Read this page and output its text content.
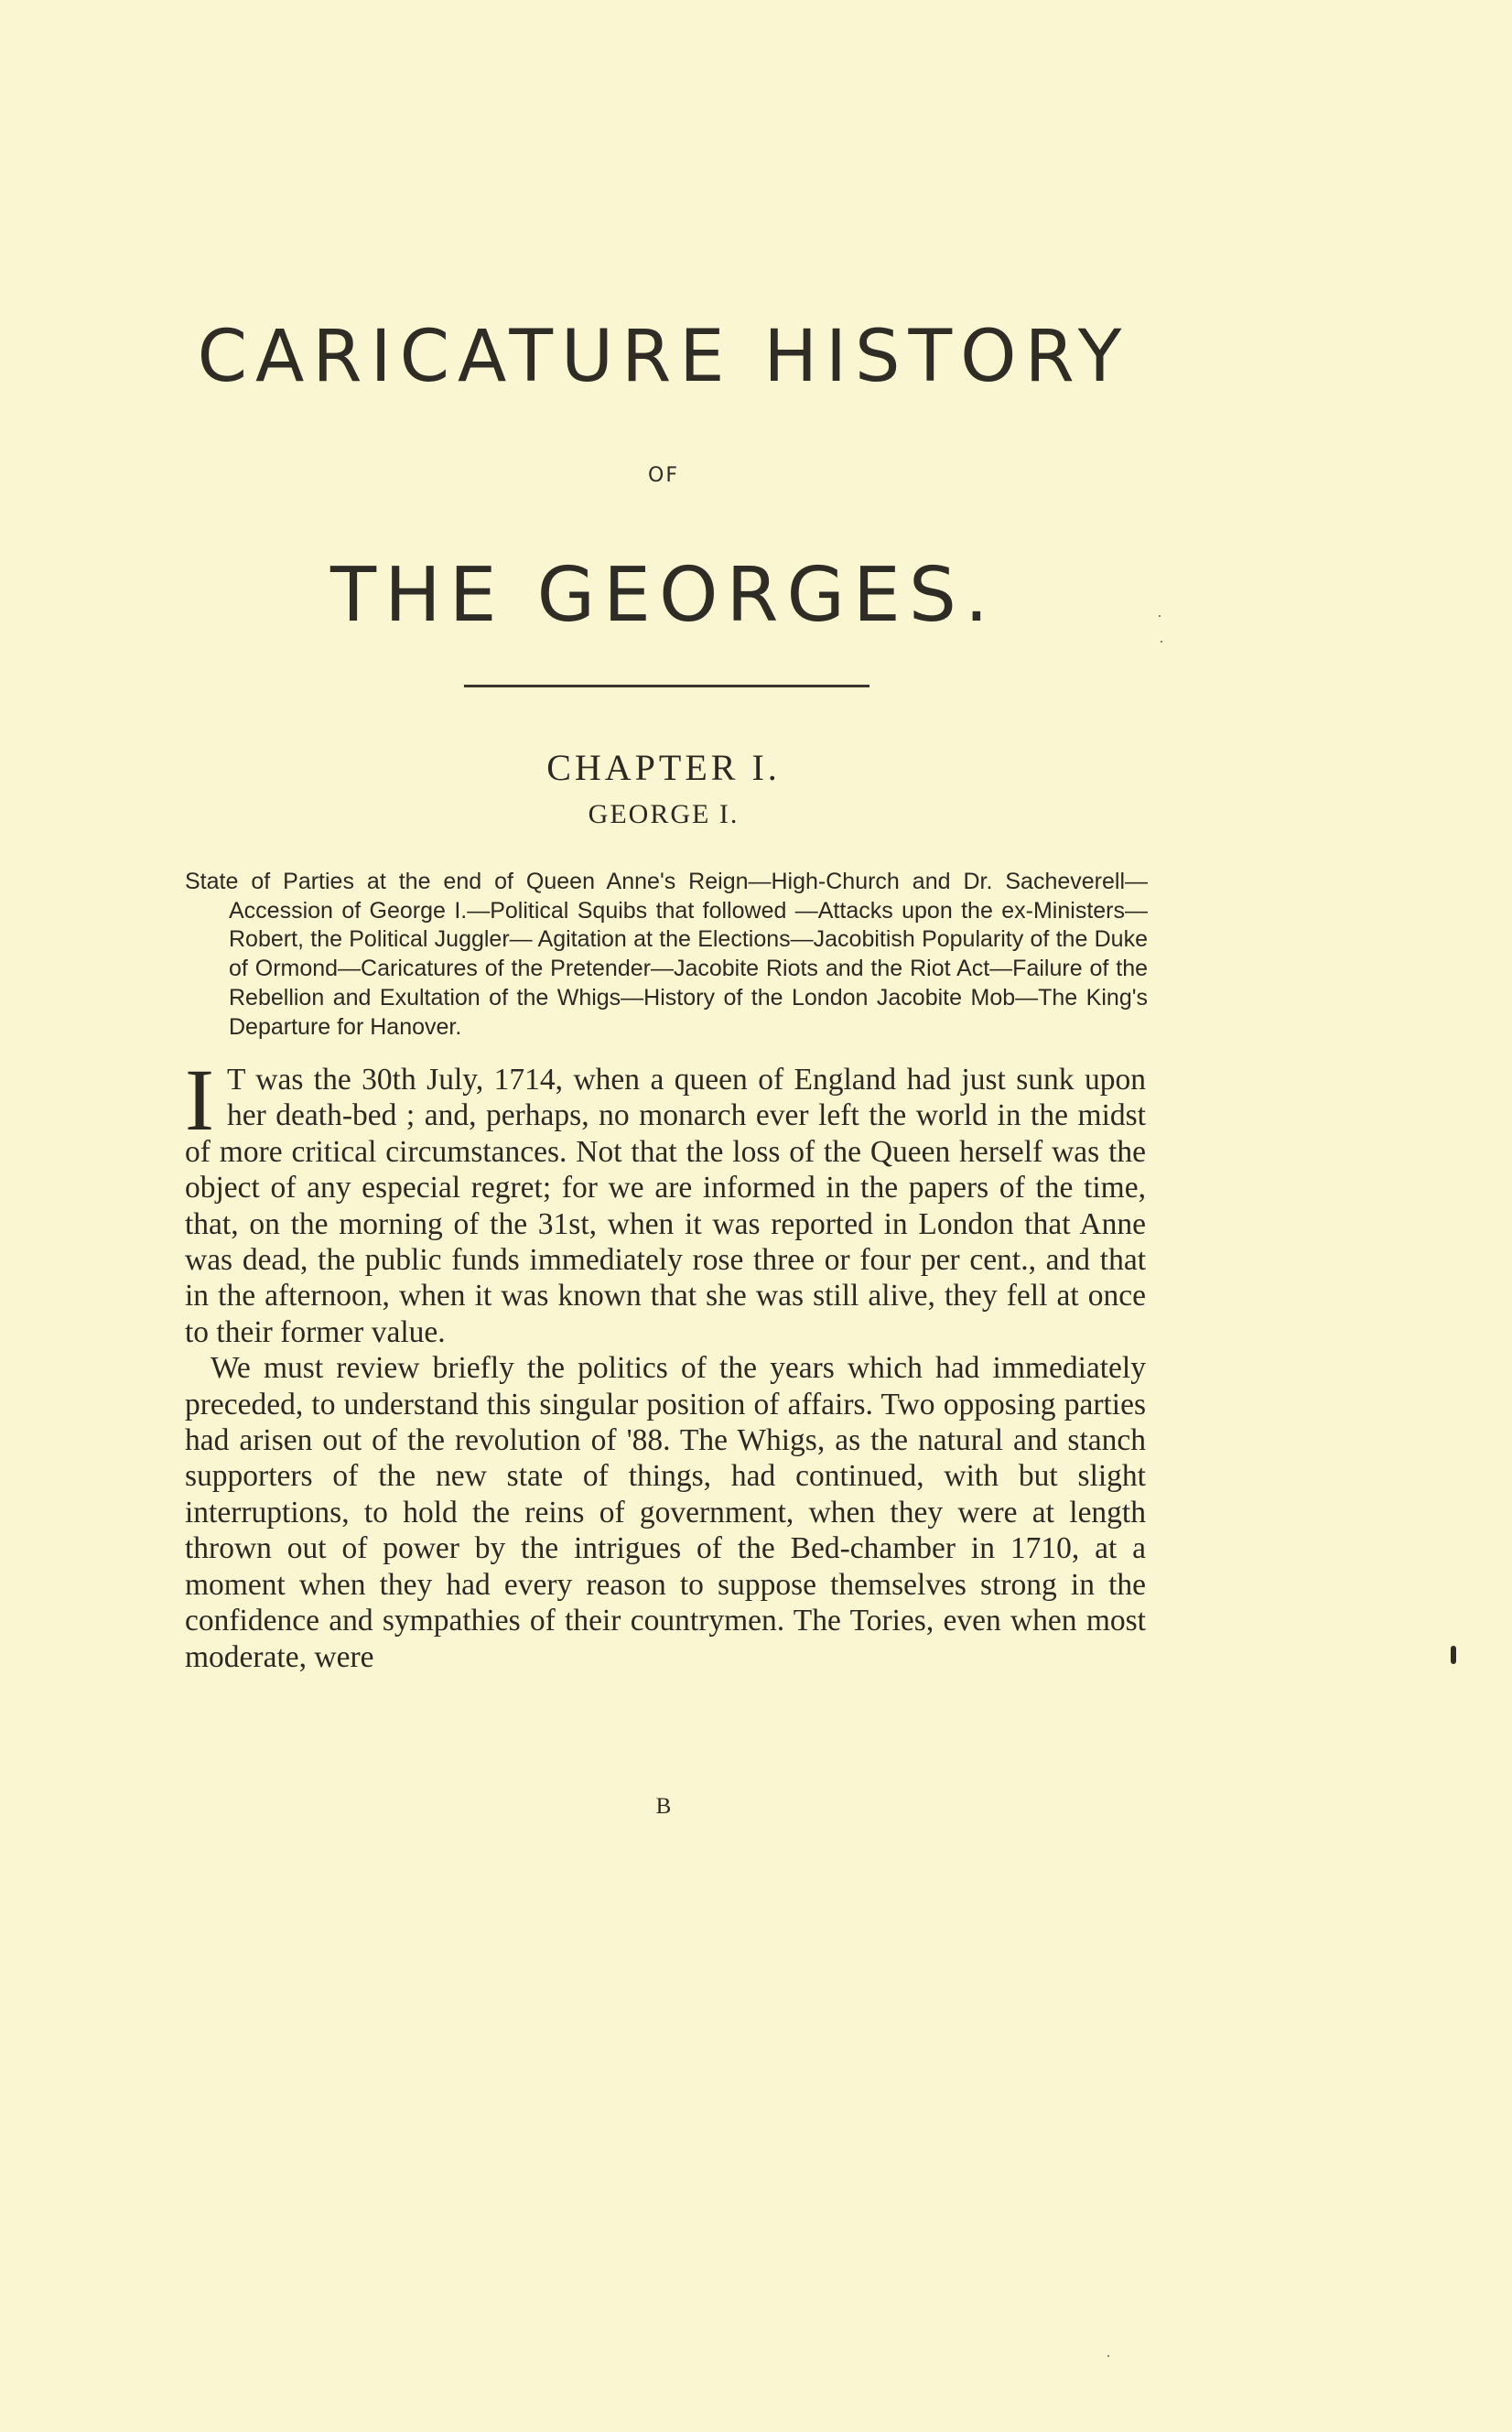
CARICATURE HISTORY
OF
THE GEORGES.
CHAPTER I.
GEORGE I.
State of Parties at the end of Queen Anne's Reign—High-Church and Dr. Sacheverell—Accession of George I.—Political Squibs that followed —Attacks upon the ex-Ministers—Robert, the Political Juggler— Agitation at the Elections—Jacobitish Popularity of the Duke of Ormond—Caricatures of the Pretender—Jacobite Riots and the Riot Act—Failure of the Rebellion and Exultation of the Whigs—History of the London Jacobite Mob—The King's Departure for Hanover.

I T was the 30th July, 1714, when a queen of England had just sunk upon her death-bed ; and, perhaps, no monarch ever left the world in the midst of more critical circumstances. Not that the loss of the Queen herself was the object of any especial regret; for we are informed in the papers of the time, that, on the morning of the 31st, when it was reported in London that Anne was dead, the public funds immediately rose three or four per cent., and that in the afternoon, when it was known that she was still alive, they fell at once to their former value.

We must review briefly the politics of the years which had immediately preceded, to understand this singular position of affairs. Two opposing parties had arisen out of the revolution of '88. The Whigs, as the natural and stanch supporters of the new state of things, had continued, with but slight interruptions, to hold the reins of government, when they were at length thrown out of power by the intrigues of the Bed-chamber in 1710, at a moment when they had every reason to suppose themselves strong in the confidence and sympathies of their countrymen. The Tories, even when most moderate, were

B
